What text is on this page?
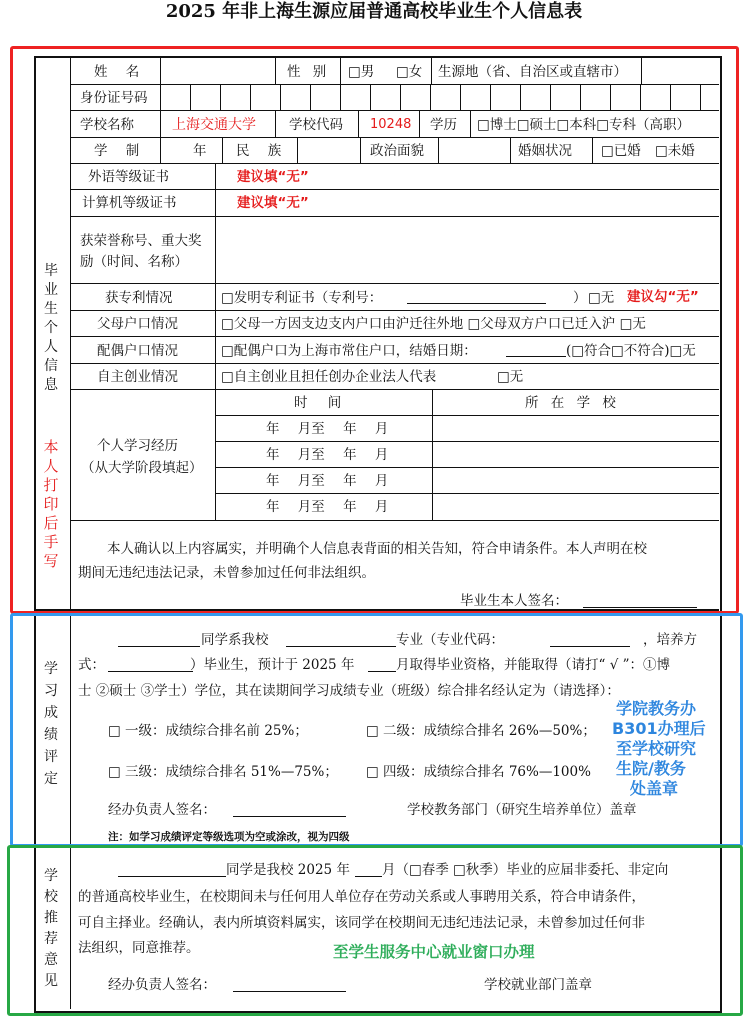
2025 年非上海生源应届普通高校毕业生个人信息表
毕业生个人信息
本人打印后手写
姓 名	性 别 □男 □女 生源地（省、自治区或直辖市）
身份证号码
学校名称	上海交通大学 学校代码 10248 学历 □博士□硕士□本科□专科（高职）
学 制	年 民 族	政治面貌	婚姻状况 □已婚 □未婚
外语等级证书	建议填“无”
计算机等级证书	建议填“无”
获荣誉称号、重大奖
励（时间、名称）
获专利情况	□发明专利证书（专利号：	） □无 建议勾“无”
父母户口情况	□父母一方因支边支内户口由沪迁往外地 □父母双方户口已迁入沪 □无
配偶户口情况	□配偶户口为上海市常住户口，结婚日期：	(□符合□不符合)□无
自主创业情况	□自主创业且担任创办企业法人代表	□无
个人学习经历
（从大学阶段填起）
时 间	所 在 学 校
年 月至 年 月
年 月至 年 月
年 月至 年 月
年 月至 年 月
本人确认以上内容属实，并明确个人信息表背面的相关告知，符合申请条件。本人声明在校
期间无违纪违法记录，未曾参加过任何非法组织。
毕业生本人签名：
学习成绩评定
同学系我校	专业（专业代码：	，培养方
式：	）毕业生，预计于 2025 年	月取得毕业资格，并能取得（请打“ √ ”：①博
士 ②硕士 ③学士）学位，其在读期间学习成绩专业（班级）综合排名经认定为（请选择）：
□ 一级：成绩综合排名前 25%；	□ 二级：成绩综合排名 26%—50%；
□ 三级：成绩综合排名 51%—75%； □ 四级：成绩综合排名 76%—100%
经办负责人签名：	学校教务部门（研究生培养单位）盖章
注：如学习成绩评定等级选项为空或涂改，视为四级
学院教务办
B301办理后
至学校研究
生院/教务
处盖章
学校推荐意见
同学是我校 2025 年 月（□春季 □秋季）毕业的应届非委托、非定向
的普通高校毕业生，在校期间未与任何用人单位存在劳动关系或人事聘用关系，符合申请条件，
可自主择业。经确认，表内所填资料属实，该同学在校期间无违纪违法记录，未曾参加过任何非
法组织，同意推荐。	至学生服务中心就业窗口办理
经办负责人签名：	学校就业部门盖章
